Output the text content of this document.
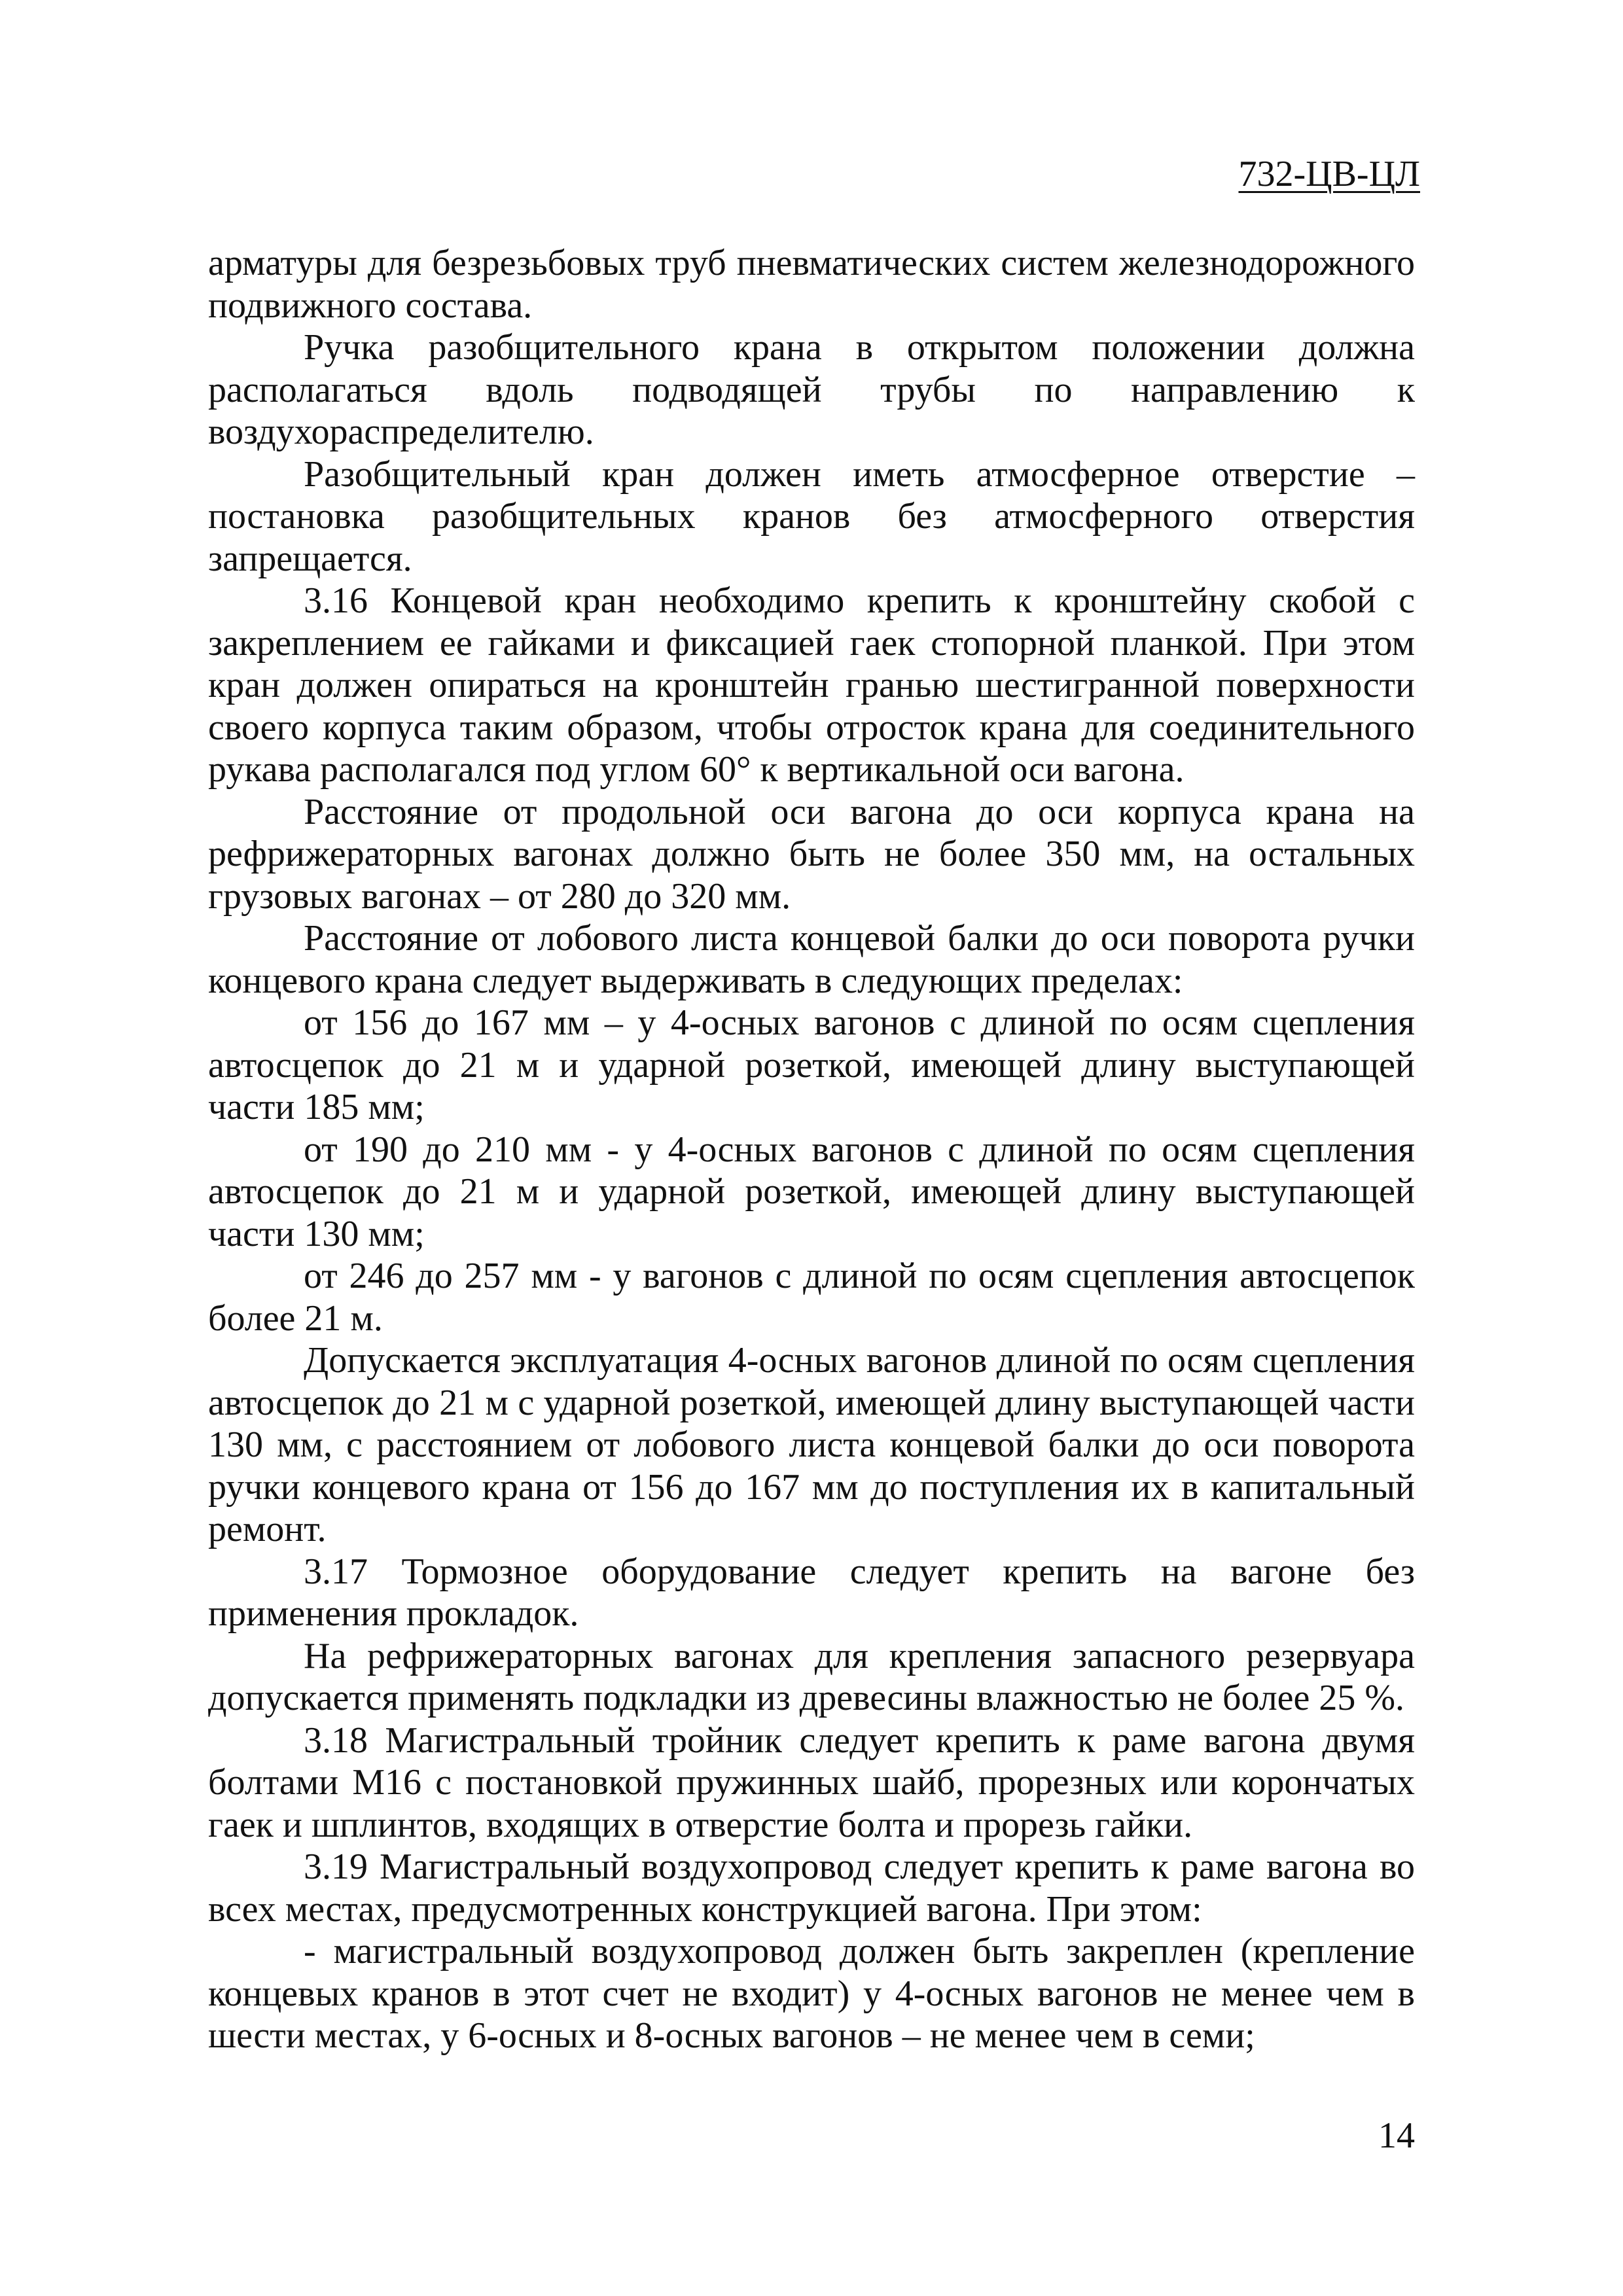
732-ЦВ-ЦЛ

арматуры для безрезьбовых труб пневматических систем железнодорожного подвижного состава.

Ручка разобщительного крана в открытом положении должна располагаться вдоль подводящей трубы по направлению к воздухораспределителю.

Разобщительный кран должен иметь атмосферное отверстие – постановка разобщительных кранов без атмосферного отверстия запрещается.

3.16 Концевой кран необходимо крепить к кронштейну скобой с закреплением ее гайками и фиксацией гаек стопорной планкой. При этом кран должен опираться на кронштейн гранью шестигранной поверхности своего корпуса таким образом, чтобы отросток крана для соединительного рукава располагался под углом 60° к вертикальной оси вагона.

Расстояние от продольной оси вагона до оси корпуса крана на рефрижераторных вагонах должно быть не более 350 мм, на остальных грузовых вагонах – от 280 до 320 мм.

Расстояние от лобового листа концевой балки до оси поворота ручки концевого крана следует выдерживать в следующих пределах:

от 156 до 167 мм – у 4-осных вагонов с длиной по осям сцепления автосцепок до 21 м и ударной розеткой, имеющей длину выступающей части 185 мм;

от 190 до 210 мм - у 4-осных вагонов с длиной по осям сцепления автосцепок до 21 м и ударной розеткой, имеющей длину выступающей части 130 мм;

от 246 до 257 мм - у вагонов с длиной по осям сцепления автосцепок более 21 м.

Допускается эксплуатация 4-осных вагонов длиной по осям сцепления автосцепок до 21 м с ударной розеткой, имеющей длину выступающей части 130 мм, с расстоянием от лобового листа концевой балки до оси поворота ручки концевого крана от 156 до 167 мм до поступления их в капитальный ремонт.

3.17 Тормозное оборудование следует крепить на вагоне без применения прокладок.

На рефрижераторных вагонах для крепления запасного резервуара допускается применять подкладки из древесины влажностью не более 25 %.

3.18 Магистральный тройник следует крепить к раме вагона двумя болтами М16 с постановкой пружинных шайб, прорезных или корончатых гаек и шплинтов, входящих в отверстие болта и прорезь гайки.

3.19 Магистральный воздухопровод следует крепить к раме вагона во всех местах, предусмотренных конструкцией вагона. При этом:

- магистральный воздухопровод должен быть закреплен (крепление концевых кранов в этот счет не входит) у 4-осных вагонов не менее чем в шести местах, у 6-осных и 8-осных вагонов – не менее чем в семи;

14
